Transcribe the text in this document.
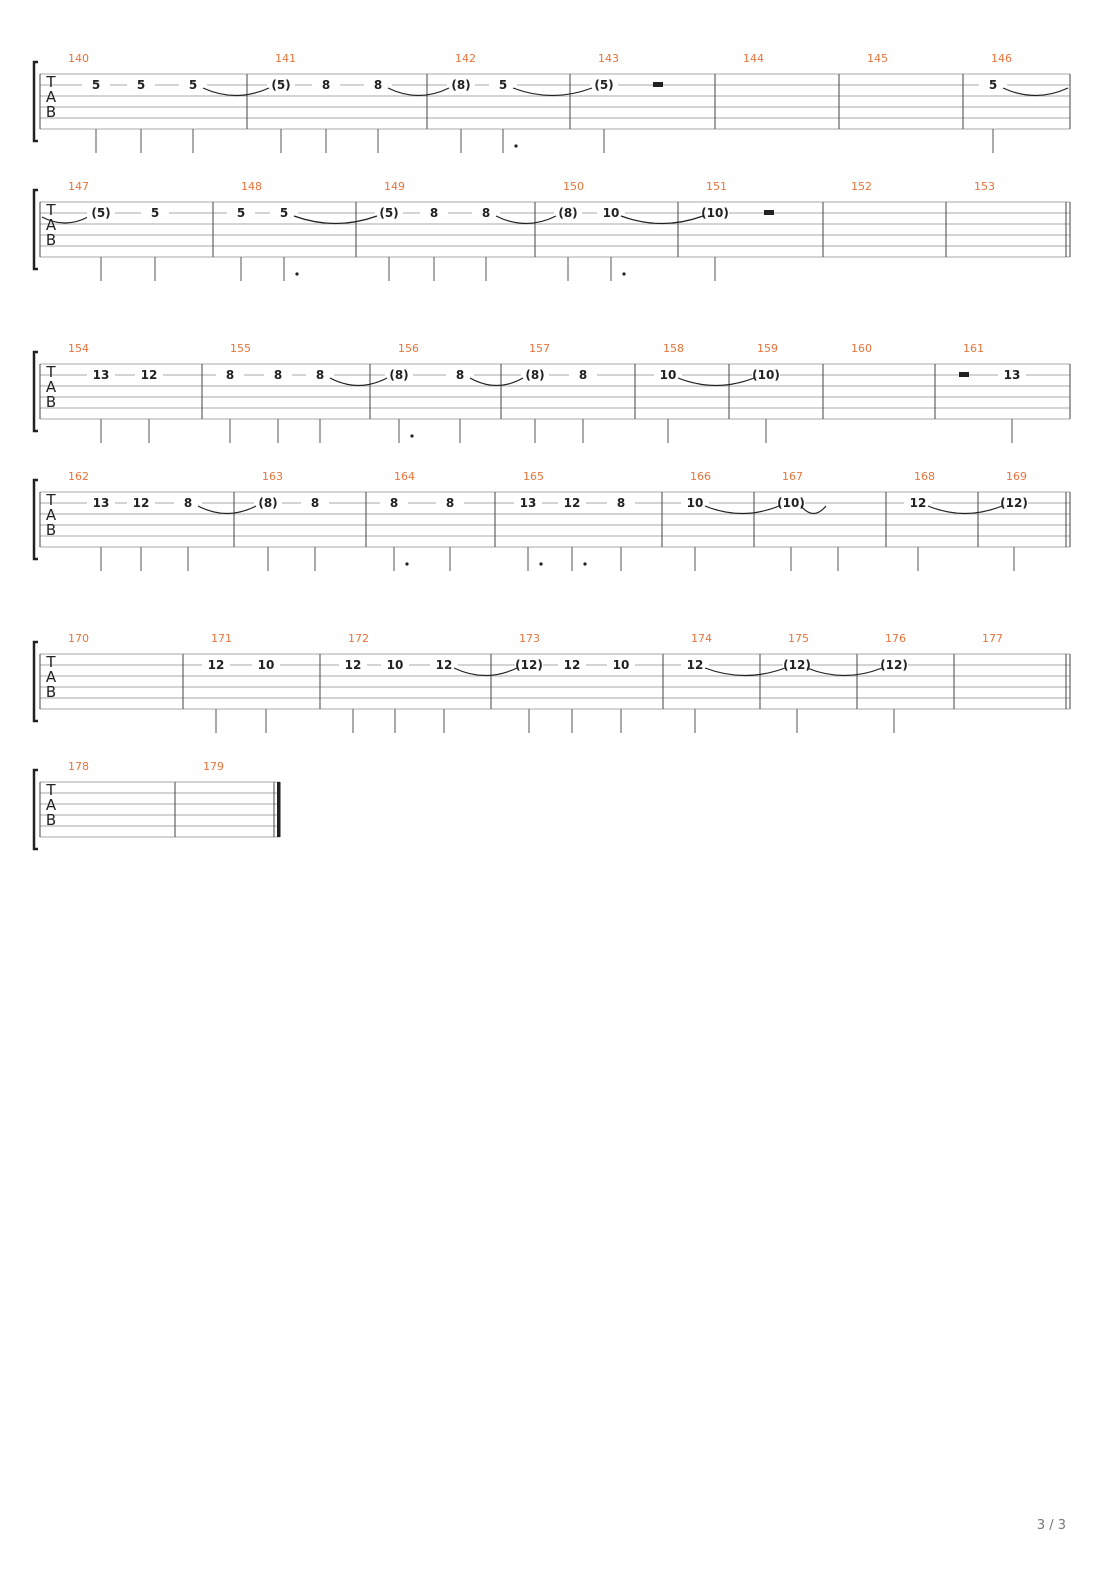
T
A
B
140
5	5	5
141
(5)	8	8
142
(8) 5
143
(5)
144	145	146
5
T
A
B
147
(5)	5
148
5	5
149
(5)	8	8
150
(8) 10
151
(10)
152	153
T
A
B
154
13	12
155
8	8	8
156
(8)	8
157
(8)	8
158
10
159
(10)
160	161
13
T
A
B
162
13 12	8
163
(8)	8
164
8	8
165
13 12	8
166
10
167
(10)
168
12
169
(12)
T
A
B
170	171
12	10
172
12 10	12
173
(12) 12	10
174
12
175
(12)
176
(12)
177
T
A
B
178	179
3 / 3
